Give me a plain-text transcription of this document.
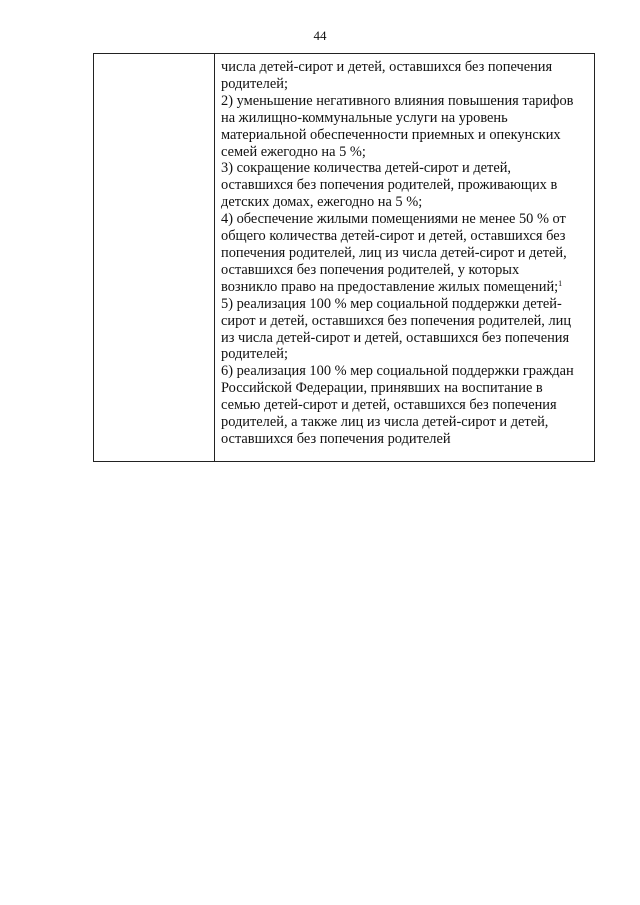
44
числа детей-сирот и детей, оставшихся без попечения
родителей;
2) уменьшение негативного влияния повышения тарифов
на жилищно-коммунальные услуги на уровень
материальной обеспеченности приемных и опекунских
семей ежегодно на 5 %;
3) сокращение количества детей-сирот и детей,
оставшихся без попечения родителей, проживающих в
детских домах, ежегодно на 5 %;
4) обеспечение жилыми помещениями не менее 50 % от
общего количества детей-сирот и детей, оставшихся без
попечения родителей, лиц из числа детей-сирот и детей,
оставшихся без попечения родителей, у которых
возникло право на предоставление жилых помещений;$^1$
5) реализация 100 % мер социальной поддержки детей-
сирот и детей, оставшихся без попечения родителей, лиц
из числа детей-сирот и детей, оставшихся без попечения
родителей;
6) реализация 100 % мер социальной поддержки граждан
Российской Федерации, принявших на воспитание в
семью детей-сирот и детей, оставшихся без попечения
родителей, а также лиц из числа детей-сирот и детей,
оставшихся без попечения родителей
